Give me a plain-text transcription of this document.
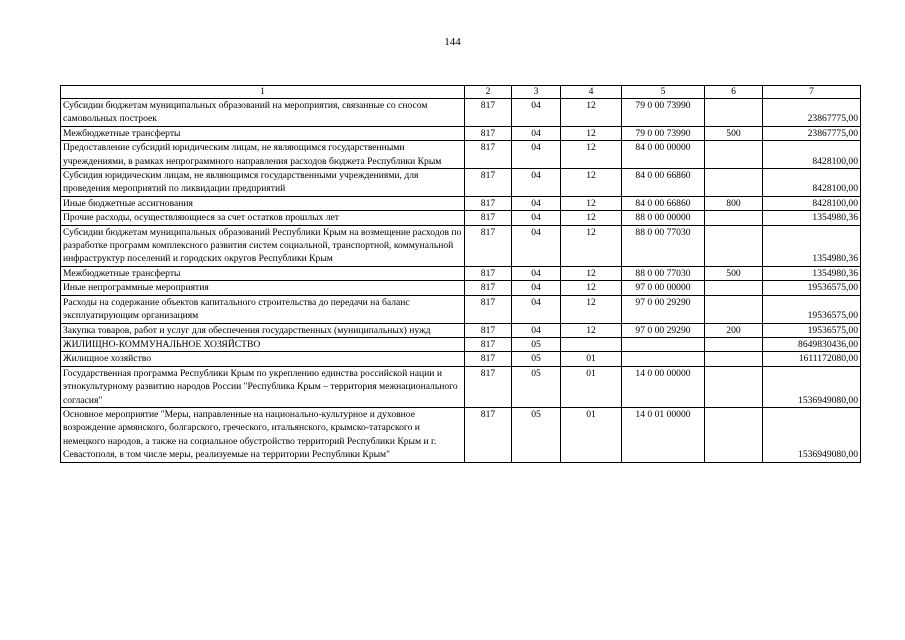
144
1	2	3	4	5	6	7
Субсидии бюджетам муниципальных образований на мероприятия, связанные со сносом самовольных построек	817	04	12	79 0 00 73990		23867775,00
Межбюджетные трансферты	817	04	12	79 0 00 73990	500	23867775,00
Предоставление субсидий юридическим лицам, не являющимся государственными учреждениями, в рамках непрограммного направления расходов бюджета Республики Крым	817	04	12	84 0 00 00000		8428100,00
Субсидия юридическим лицам, не являющимся государственными учреждениями, для проведения мероприятий по ликвидации предприятий	817	04	12	84 0 00 66860		8428100,00
Иные бюджетные ассигнования	817	04	12	84 0 00 66860	800	8428100,00
Прочие расходы, осуществляющиеся за счет остатков прошлых лет	817	04	12	88 0 00 00000		1354980,36
Субсидии бюджетам муниципальных образований Республики Крым на возмещение расходов по разработке программ комплексного развития систем социальной, транспортной, коммунальной инфраструктур поселений и городских округов Республики Крым	817	04	12	88 0 00 77030		1354980,36
Межбюджетные трансферты	817	04	12	88 0 00 77030	500	1354980,36
Иные непрограммные мероприятия	817	04	12	97 0 00 00000		19536575,00
Расходы на содержание объектов капитального строительства до передачи на баланс эксплуатирующим организациям	817	04	12	97 0 00 29290		19536575,00
Закупка товаров, работ и услуг для обеспечения государственных (муниципальных) нужд	817	04	12	97 0 00 29290	200	19536575,00
ЖИЛИЩНО-КОММУНАЛЬНОЕ ХОЗЯЙСТВО	817	05				8649830436,00
Жилищное хозяйство	817	05	01			1611172080,00
Государственная программа Республики Крым по укреплению единства российской нации и этнокультурному развитию народов России "Республика Крым – территория межнационального согласия"	817	05	01	14 0 00 00000		1536949080,00
Основное мероприятие "Меры, направленные на национально-культурное и духовное возрождение армянского, болгарского, греческого, итальянского, крымско-татарского и немецкого народов, а также на социальное обустройство территорий Республики Крым и г. Севастополя, в том числе меры, реализуемые на территории Республики Крым"	817	05	01	14 0 01 00000		1536949080,00
